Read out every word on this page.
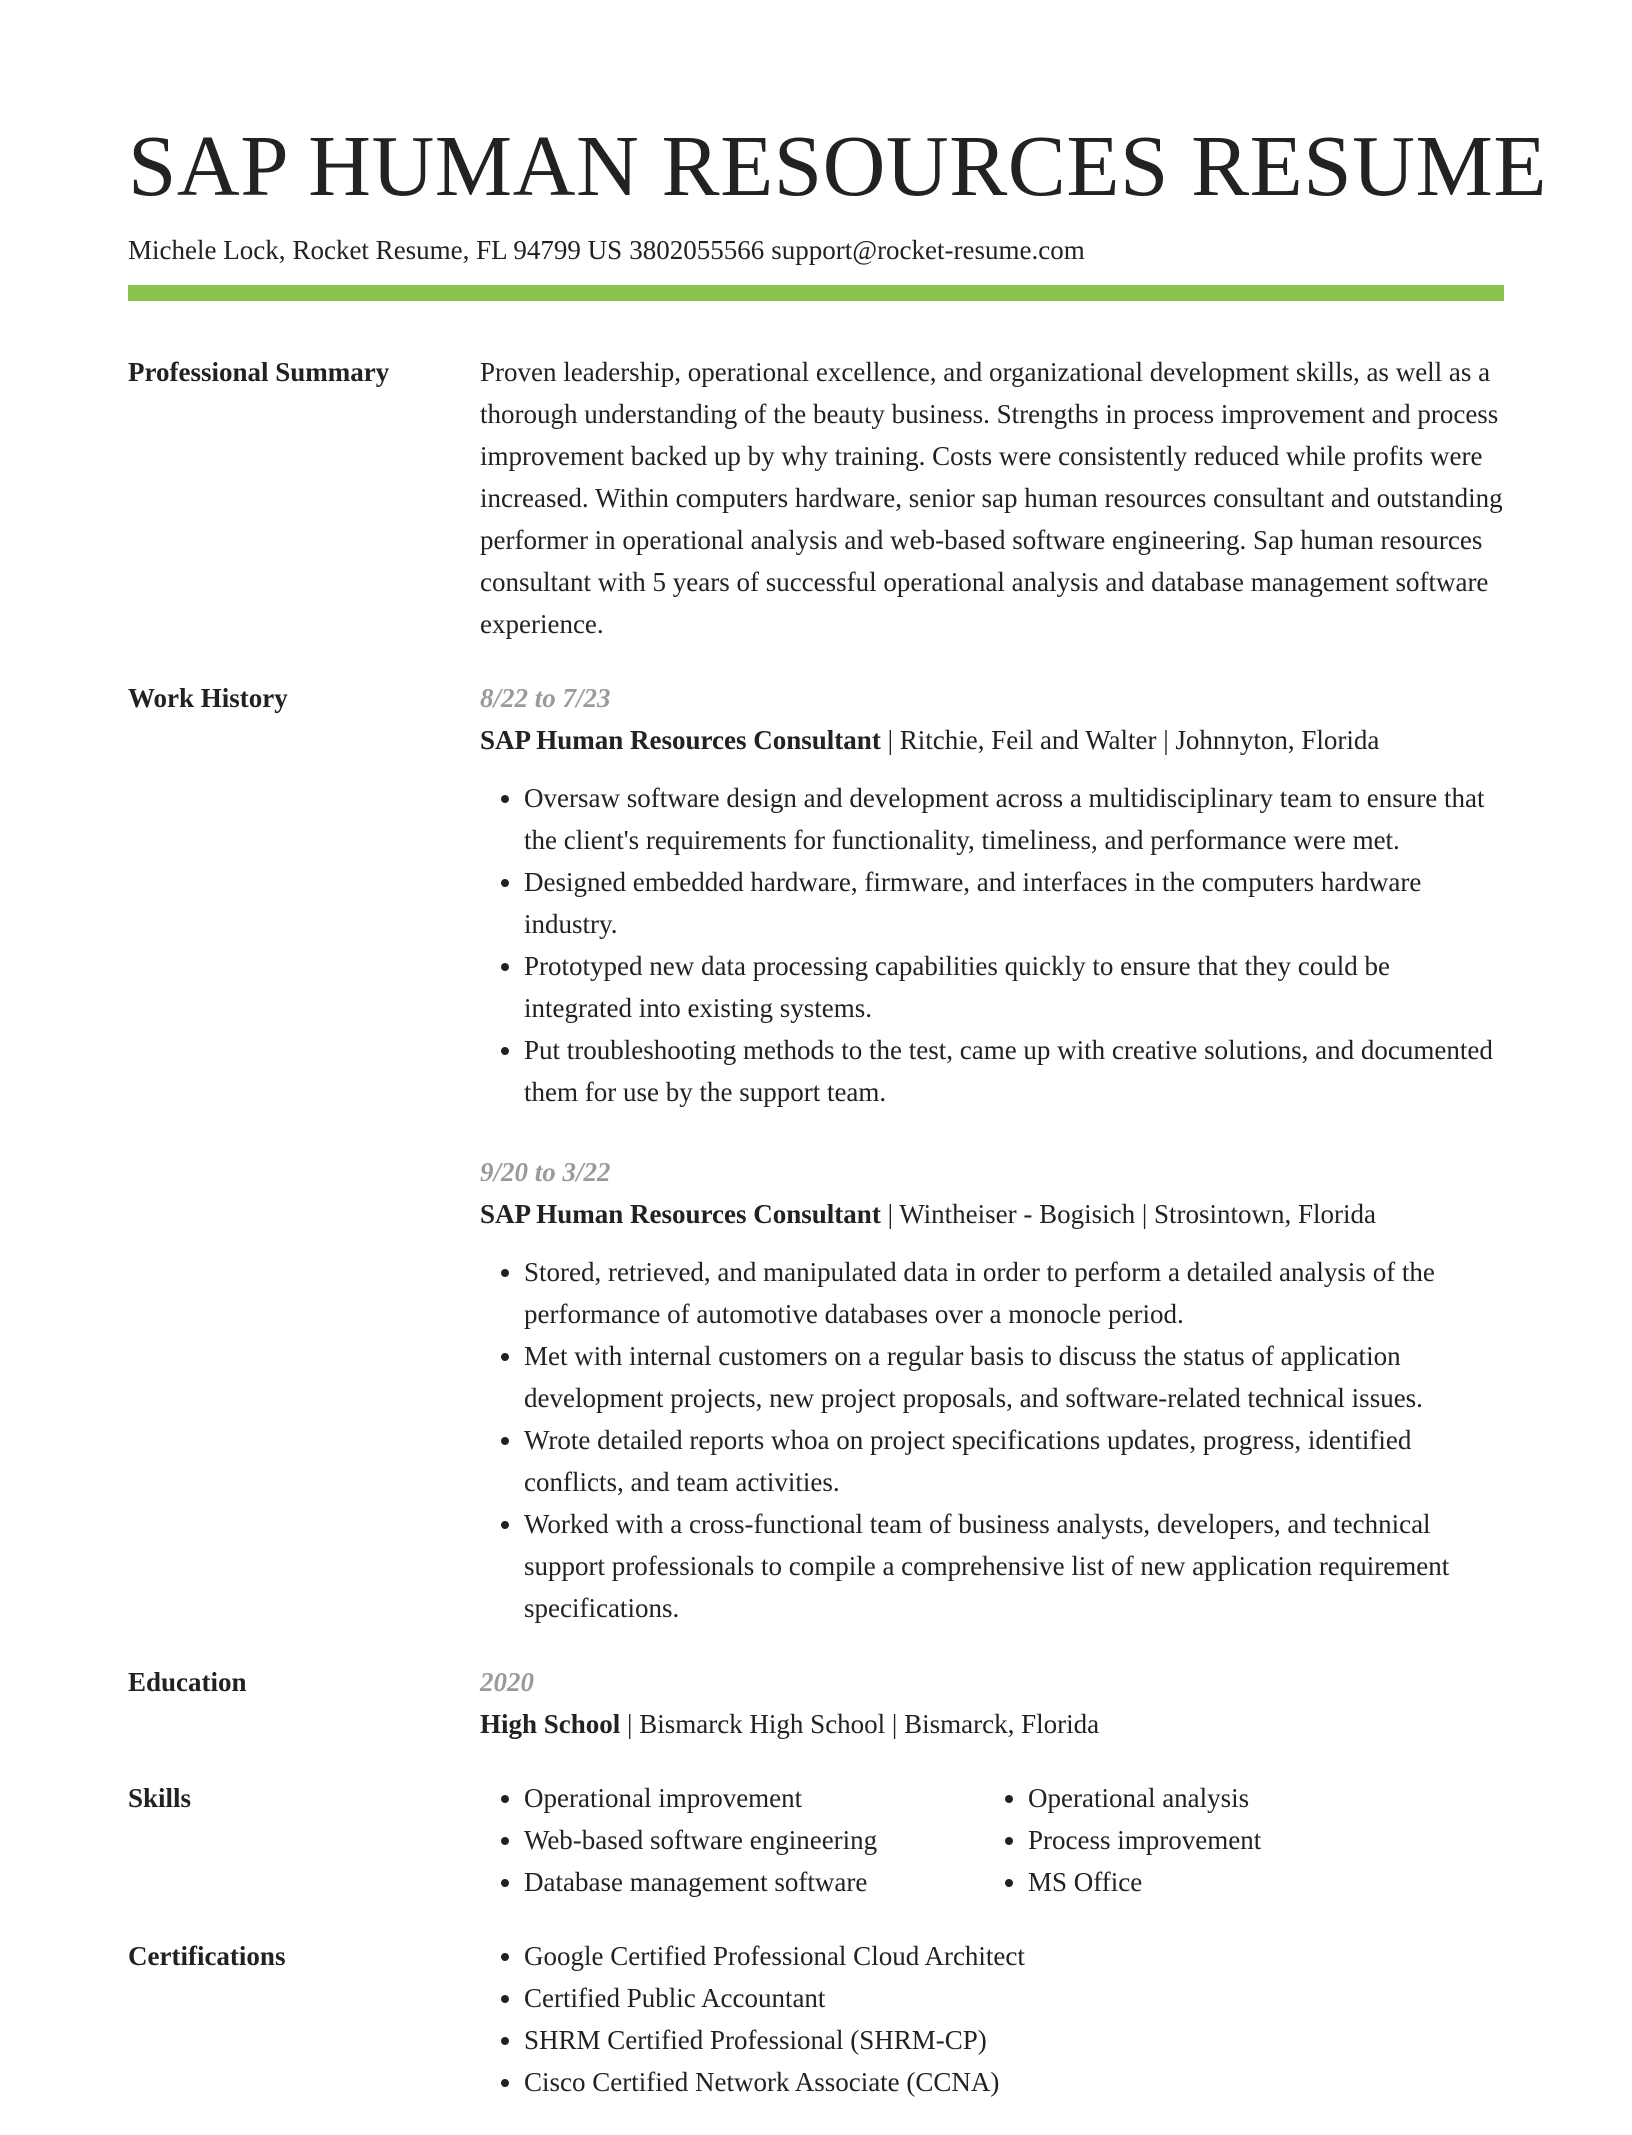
SAP HUMAN RESOURCES RESUME
Michele Lock, Rocket Resume, FL 94799 US 3802055566 support@rocket-resume.com
Professional Summary	Proven leadership, operational excellence, and organizational development skills, as well as a thorough understanding of the beauty business. Strengths in process improvement and process improvement backed up by why training. Costs were consistently reduced while profits were increased. Within computers hardware, senior sap human resources consultant and outstanding performer in operational analysis and web-based software engineering. Sap human resources consultant with 5 years of successful operational analysis and database management software experience.

Work History	8/22 to 7/23
SAP Human Resources Consultant | Ritchie, Feil and Walter | Johnnyton, Florida
• Oversaw software design and development across a multidisciplinary team to ensure that the client's requirements for functionality, timeliness, and performance were met.
• Designed embedded hardware, firmware, and interfaces in the computers hardware industry.
• Prototyped new data processing capabilities quickly to ensure that they could be integrated into existing systems.
• Put troubleshooting methods to the test, came up with creative solutions, and documented them for use by the support team.
9/20 to 3/22
SAP Human Resources Consultant | Wintheiser - Bogisich | Strosintown, Florida
• Stored, retrieved, and manipulated data in order to perform a detailed analysis of the performance of automotive databases over a monocle period.
• Met with internal customers on a regular basis to discuss the status of application development projects, new project proposals, and software-related technical issues.
• Wrote detailed reports whoa on project specifications updates, progress, identified conflicts, and team activities.
• Worked with a cross-functional team of business analysts, developers, and technical support professionals to compile a comprehensive list of new application requirement specifications.
Education	2020
High School | Bismarck High School | Bismarck, Florida
Skills	• Operational improvement
• Web-based software engineering
• Database management software
• Operational analysis
• Process improvement
• MS Office
Certifications	• Google Certified Professional Cloud Architect
• Certified Public Accountant
• SHRM Certified Professional (SHRM-CP)
• Cisco Certified Network Associate (CCNA)
